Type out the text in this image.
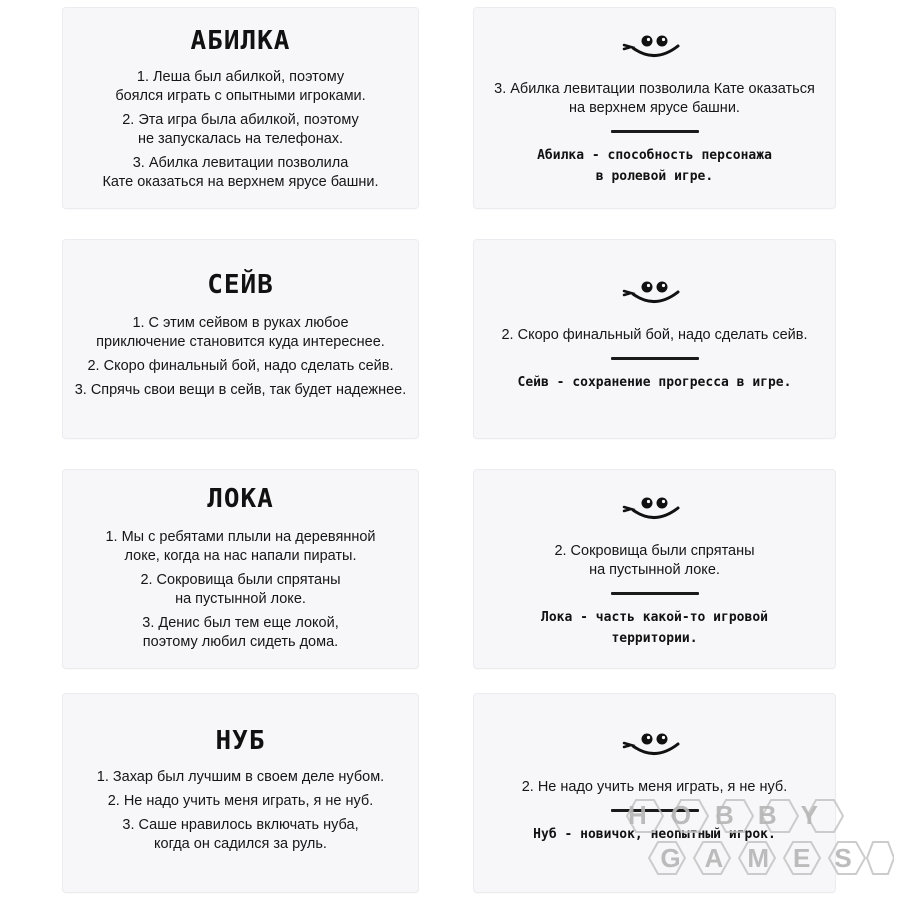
АБИЛКА
1. Леша был абилкой, поэтому
боялся играть с опытными игроками.
2. Эта игра была абилкой, поэтому
не запускалась на телефонах.
3. Абилка левитации позволила
Кате оказаться на верхнем ярусе башни.

3. Абилка левитации позволила Кате оказаться
на верхнем ярусе башни.

Абилка - способность персонажа
в ролевой игре.

СЕЙВ
1. С этим сейвом в руках любое
приключение становится куда интереснее.
2. Скоро финальный бой, надо сделать сейв.
3. Спрячь свои вещи в сейв, так будет надежнее.

2. Скоро финальный бой, надо сделать сейв.

Сейв - сохранение прогресса в игре.

ЛОКА
1. Мы с ребятами плыли на деревянной
локе, когда на нас напали пираты.
2. Сокровища были спрятаны
на пустынной локе.
3. Денис был тем еще локой,
поэтому любил сидеть дома.

2. Сокровища были спрятаны
на пустынной локе.

Лока - часть какой-то игровой
территории.

НУБ
1. Захар был лучшим в своем деле нубом.
2. Не надо учить меня играть, я не нуб.
3. Саше нравилось включать нуба,
когда он садился за руль.

2. Не надо учить меня играть, я не нуб.

Нуб - новичок, неопытный игрок.

HOBBY
GAMES
